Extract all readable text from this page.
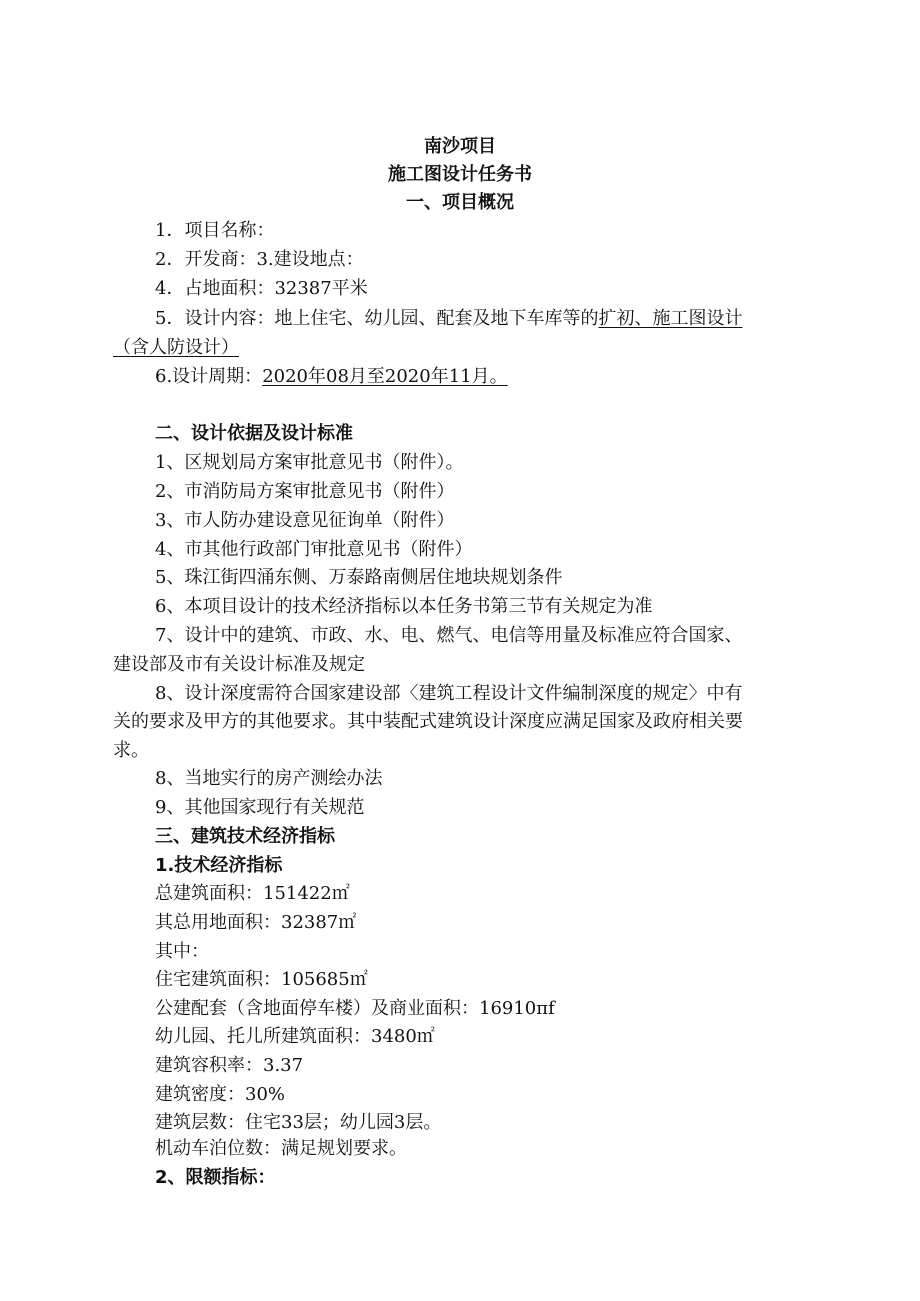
南沙项目
施工图设计任务书
一、项目概况
1．项目名称：
2．开发商：3.建设地点：
4．占地面积：32387平米
5．设计内容：地上住宅、幼儿园、配套及地下车库等的扩初、施工图设计
（含人防设计）
6.设计周期：2020年08月至2020年11月。
二、设计依据及设计标准
1、区规划局方案审批意见书（附件）。
2、市消防局方案审批意见书（附件）
3、市人防办建设意见征询单（附件）
4、市其他行政部门审批意见书（附件）
5、珠江街四涌东侧、万泰路南侧居住地块规划条件
6、本项目设计的技术经济指标以本任务书第三节有关规定为准
7、设计中的建筑、市政、水、电、燃气、电信等用量及标准应符合国家、
建设部及市有关设计标准及规定
8、设计深度需符合国家建设部〈建筑工程设计文件编制深度的规定〉中有
关的要求及甲方的其他要求。其中装配式建筑设计深度应满足国家及政府相关要
求。
8、当地实行的房产测绘办法
9、其他国家现行有关规范
三、建筑技术经济指标
1.技术经济指标
总建筑面积：151422㎡
其总用地面积：32387㎡
其中：
住宅建筑面积：105685㎡
公建配套（含地面停车楼）及商业面积：16910πf
幼儿园、托儿所建筑面积：3480㎡
建筑容积率：3.37
建筑密度：30%
建筑层数：住宅33层；幼儿园3层。
机动车泊位数：满足规划要求。
2、限额指标：
